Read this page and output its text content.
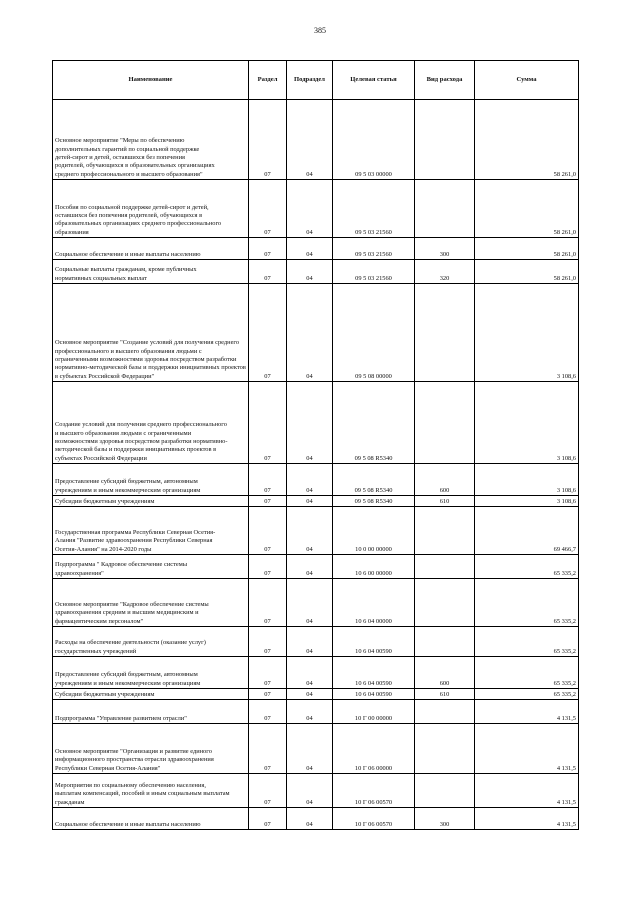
385
Наименование	Раздел	Подраздел	Целевая статья	Вид расхода	Сумма

Основное мероприятие "Меры по обеспечению дополнительных гарантий по социальной поддержке детей-сирот и детей, оставшихся без попечения родителей, обучающихся в образовательных организациях среднего профессионального и высшего образования"	07	04	09 5 03 00000		58 261,0

Пособия по социальной поддержке детей-сирот и детей, оставшихся без попечения родителей, обучающихся в образовательных организациях среднего профессионального образования	07	04	09 5 03 21560		58 261,0

Социальное обеспечение и иные выплаты населению	07	04	09 5 03 21560	300	58 261,0

Социальные выплаты гражданам, кроме публичных нормативных социальных выплат	07	04	09 5 03 21560	320	58 261,0

Основное мероприятие "Создание условий для получения среднего профессионального и высшего образования людьми с ограниченными возможностями здоровья посредством разработки нормативно-методической базы и поддержки инициативных проектов в субъектах Российской Федерации"	07	04	09 5 08 00000		3 108,6

Создание условий для получения среднего профессионального и высшего образования людьми с ограниченными возможностями здоровья посредством разработки нормативно-методической базы и поддержки инициативных проектов в субъектах Российской Федерации	07	04	09 5 08 R5340		3 108,6

Предоставление субсидий бюджетным, автономным учреждениям и иным некоммерческим организациям	07	04	09 5 08 R5340	600	3 108,6

Субсидии бюджетным учреждениям	07	04	09 5 08 R5340	610	3 108,6

Государственная программа Республики Северная Осетия-Алания "Развитие здравоохранения Республики Северная Осетия-Алания" на 2014-2020 годы	07	04	10 0 00 00000		69 466,7

Подпрограмма " Кадровое обеспечение системы здравоохранения"	07	04	10 6 00 00000		65 335,2

Основное мероприятие "Кадровое обеспечение системы здравоохранения средним и высшим медицинским и фармацевтическим персоналом"	07	04	10 6 04 00000		65 335,2

Расходы на обеспечение деятельности (оказание услуг) государственных учреждений	07	04	10 6 04 00590		65 335,2

Предоставление субсидий бюджетным, автономным учреждениям и иным некоммерческим организациям	07	04	10 6 04 00590	600	65 335,2

Субсидии бюджетным учреждениям	07	04	10 6 04 00590	610	65 335,2

Подпрограмма "Управление развитием отрасли"	07	04	10 Г 00 00000		4 131,5

Основное мероприятие "Организация и развитие единого информационного пространства отрасли здравоохранения Республики Северная Осетия-Алания"	07	04	10 Г 06 00000		4 131,5

Мероприятия по социальному обеспечению населения, выплатам компенсаций, пособий и иным социальным выплатам гражданам	07	04	10 Г 06 00570		4 131,5

Социальное обеспечение и иные выплаты населению	07	04	10 Г 06 00570	300	4 131,5
